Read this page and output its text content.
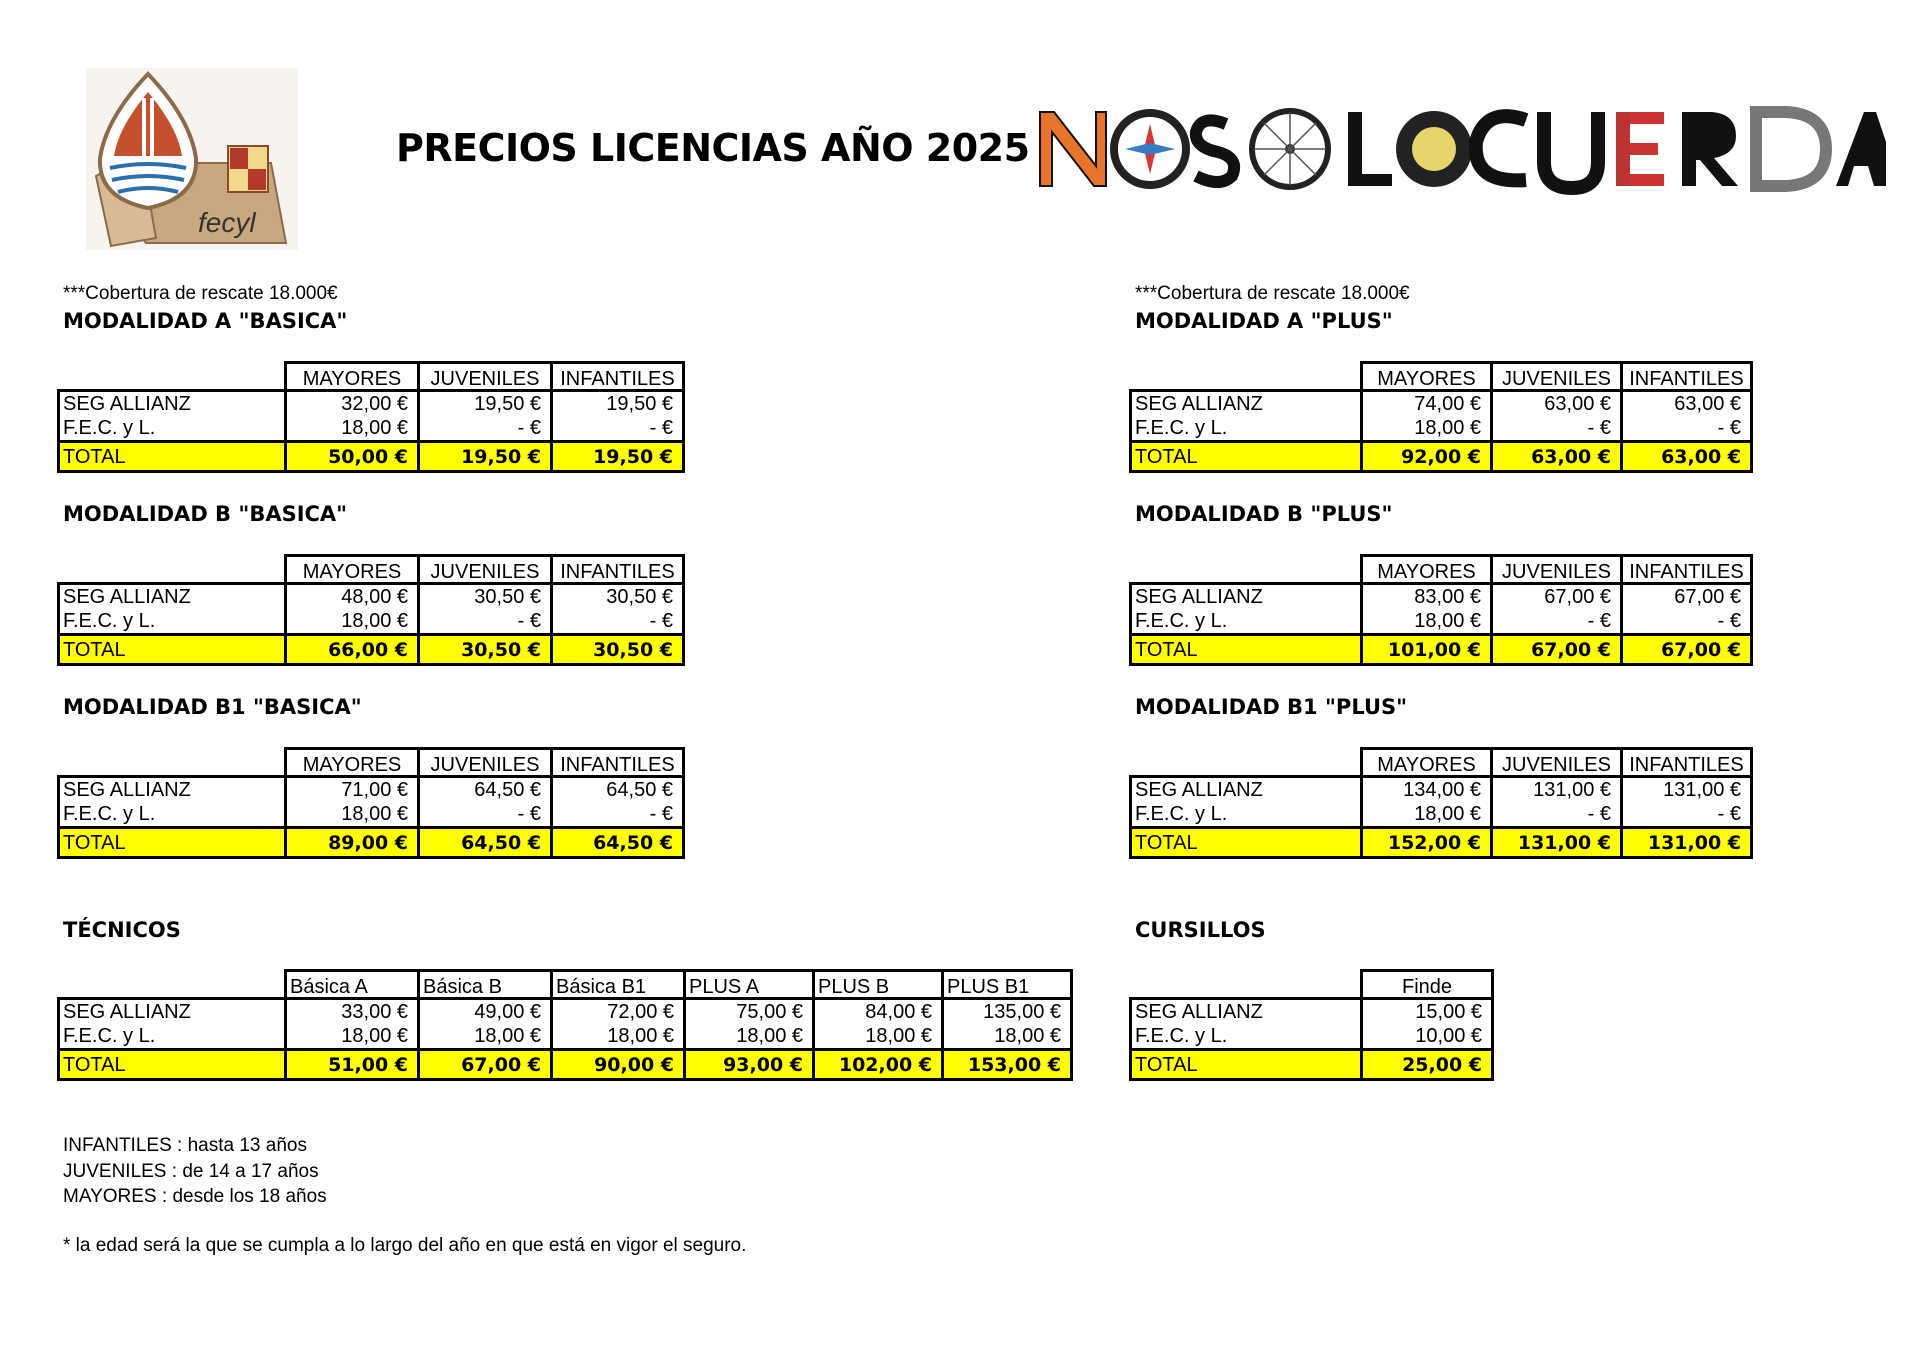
fecyl
PRECIOS LICENCIAS AÑO 2025
***Cobertura de rescate 18.000€
MODALIDAD A "BASICA"
	MAYORES	JUVENILES	INFANTILES
SEG ALLIANZ	32,00 €	19,50 €	19,50 €
F.E.C. y L.	18,00 €	- €	- €
TOTAL	50,00 €	19,50 €	19,50 €
MODALIDAD B "BASICA"
	MAYORES	JUVENILES	INFANTILES
SEG ALLIANZ	48,00 €	30,50 €	30,50 €
F.E.C. y L.	18,00 €	- €	- €
TOTAL	66,00 €	30,50 €	30,50 €
MODALIDAD B1 "BASICA"
	MAYORES	JUVENILES	INFANTILES
SEG ALLIANZ	71,00 €	64,50 €	64,50 €
F.E.C. y L.	18,00 €	- €	- €
TOTAL	89,00 €	64,50 €	64,50 €
TÉCNICOS
	Básica A	Básica B	Básica B1	PLUS A	PLUS B	PLUS B1
SEG ALLIANZ	33,00 €	49,00 €	72,00 €	75,00 €	84,00 €	135,00 €
F.E.C. y L.	18,00 €	18,00 €	18,00 €	18,00 €	18,00 €	18,00 €
TOTAL	51,00 €	67,00 €	90,00 €	93,00 €	102,00 €	153,00 €
***Cobertura de rescate 18.000€
MODALIDAD A "PLUS"
	MAYORES	JUVENILES	INFANTILES
SEG ALLIANZ	74,00 €	63,00 €	63,00 €
F.E.C. y L.	18,00 €	- €	- €
TOTAL	92,00 €	63,00 €	63,00 €
MODALIDAD B "PLUS"
	MAYORES	JUVENILES	INFANTILES
SEG ALLIANZ	83,00 €	67,00 €	67,00 €
F.E.C. y L.	18,00 €	- €	- €
TOTAL	101,00 €	67,00 €	67,00 €
MODALIDAD B1 "PLUS"
	MAYORES	JUVENILES	INFANTILES
SEG ALLIANZ	134,00 €	131,00 €	131,00 €
F.E.C. y L.	18,00 €	- €	- €
TOTAL	152,00 €	131,00 €	131,00 €
CURSILLOS
	Finde
SEG ALLIANZ	15,00 €
F.E.C. y L.	10,00 €
TOTAL	25,00 €
INFANTILES : hasta 13 años
JUVENILES : de 14 a 17 años
MAYORES : desde los 18 años
* la edad será la que se cumpla a lo largo del año en que está en vigor el seguro.
